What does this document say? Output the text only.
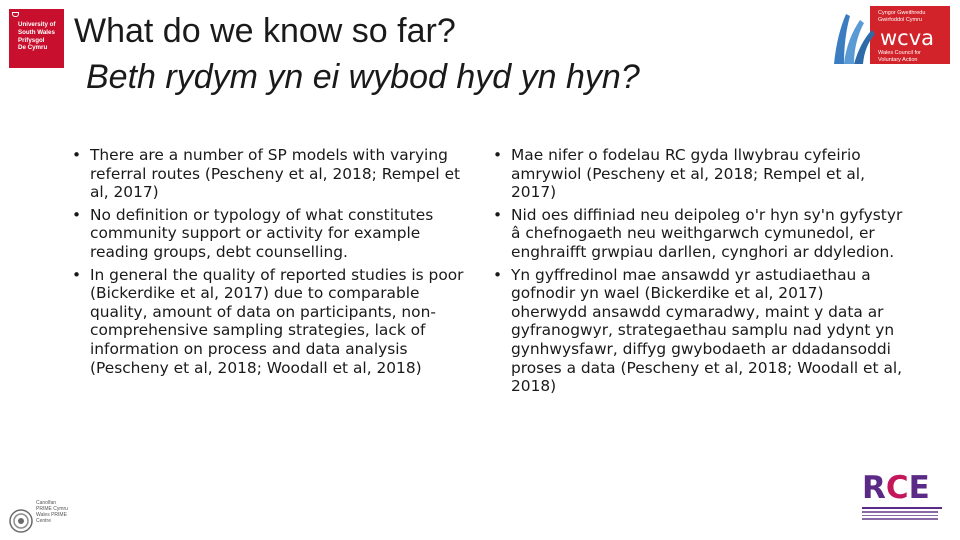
University of
South Wales
Prifysgol
De Cymru What do we know so far?
Beth rydym yn ei wybod hyd yn hyn?
Cyngor Gweithredu
Gwirfoddol Cymru
wcva
Wales Council for
Voluntary Action
• There are a number of SP models with varying referral routes (Pescheny et al, 2018; Rempel et al, 2017)
• No definition or typology of what constitutes community support or activity for example reading groups, debt counselling.
• In general the quality of reported studies is poor (Bickerdike et al, 2017) due to comparable quality, amount of data on participants, non-comprehensive sampling strategies, lack of information on process and data analysis (Pescheny et al, 2018; Woodall et al, 2018)
• Mae nifer o fodelau RC gyda llwybrau cyfeirio amrywiol (Pescheny et al, 2018; Rempel et al, 2017)
• Nid oes diffiniad neu deipoleg o'r hyn sy'n gyfystyr â chefnogaeth neu weithgarwch cymunedol, er enghraifft grwpiau darllen, cynghori ar ddyledion.
• Yn gyffredinol mae ansawdd yr astudiaethau a gofnodir yn wael (Bickerdike et al, 2017) oherwydd ansawdd cymaradwy, maint y data ar gyfranogwyr, strategaethau samplu nad ydynt yn gynhwysfawr, diffyg gwybodaeth ar ddadansoddi proses a data (Pescheny et al, 2018; Woodall et al, 2018)
R C E
Canolfan
PRIME Cymru
Wales PRIME
Centre
